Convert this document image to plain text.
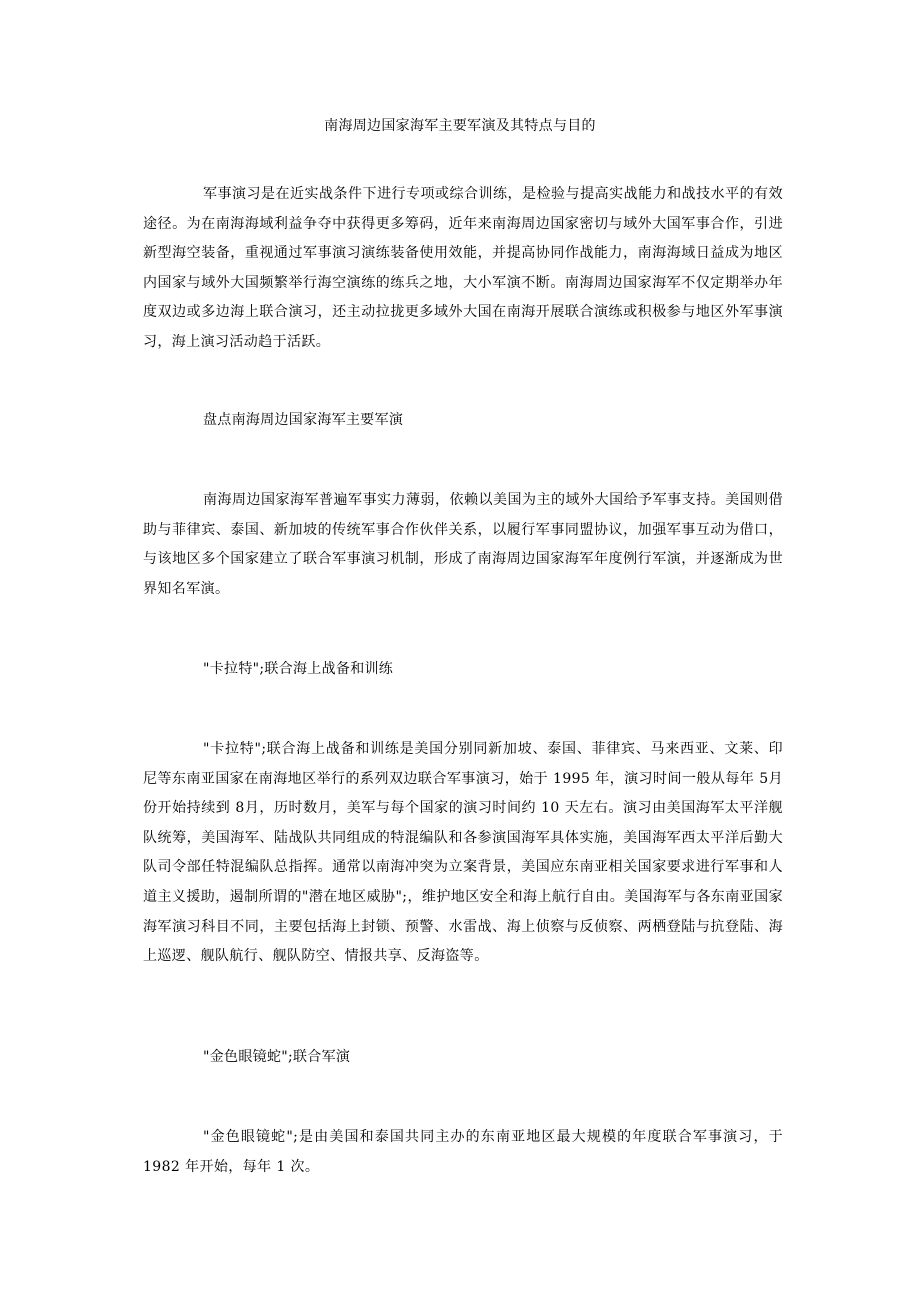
南海周边国家海军主要军演及其特点与目的

军事演习是在近实战条件下进行专项或综合训练，是检验与提高实战能力和战技水平的有效途径。为在南海海域利益争夺中获得更多筹码，近年来南海周边国家密切与域外大国军事合作，引进新型海空装备，重视通过军事演习演练装备使用效能，并提高协同作战能力，南海海域日益成为地区内国家与域外大国频繁举行海空演练的练兵之地，大小军演不断。南海周边国家海军不仅定期举办年度双边或多边海上联合演习，还主动拉拢更多域外大国在南海开展联合演练或积极参与地区外军事演习，海上演习活动趋于活跃。

盘点南海周边国家海军主要军演

南海周边国家海军普遍军事实力薄弱，依赖以美国为主的域外大国给予军事支持。美国则借助与菲律宾、泰国、新加坡的传统军事合作伙伴关系，以履行军事同盟协议，加强军事互动为借口，与该地区多个国家建立了联合军事演习机制，形成了南海周边国家海军年度例行军演，并逐渐成为世界知名军演。

"卡拉特";联合海上战备和训练

"卡拉特";联合海上战备和训练是美国分别同新加坡、泰国、菲律宾、马来西亚、文莱、印尼等东南亚国家在南海地区举行的系列双边联合军事演习，始于 1995 年，演习时间一般从每年 5月份开始持续到 8月，历时数月，美军与每个国家的演习时间约 10 天左右。演习由美国海军太平洋舰队统筹，美国海军、陆战队共同组成的特混编队和各参演国海军具体实施，美国海军西太平洋后勤大队司令部任特混编队总指挥。通常以南海冲突为立案背景，美国应东南亚相关国家要求进行军事和人道主义援助，遏制所谓的"潜在地区威胁";，维护地区安全和海上航行自由。美国海军与各东南亚国家海军演习科目不同，主要包括海上封锁、预警、水雷战、海上侦察与反侦察、两栖登陆与抗登陆、海上巡逻、舰队航行、舰队防空、情报共享、反海盗等。

"金色眼镜蛇";联合军演

"金色眼镜蛇";是由美国和泰国共同主办的东南亚地区最大规模的年度联合军事演习，于 1982 年开始，每年 1 次。
